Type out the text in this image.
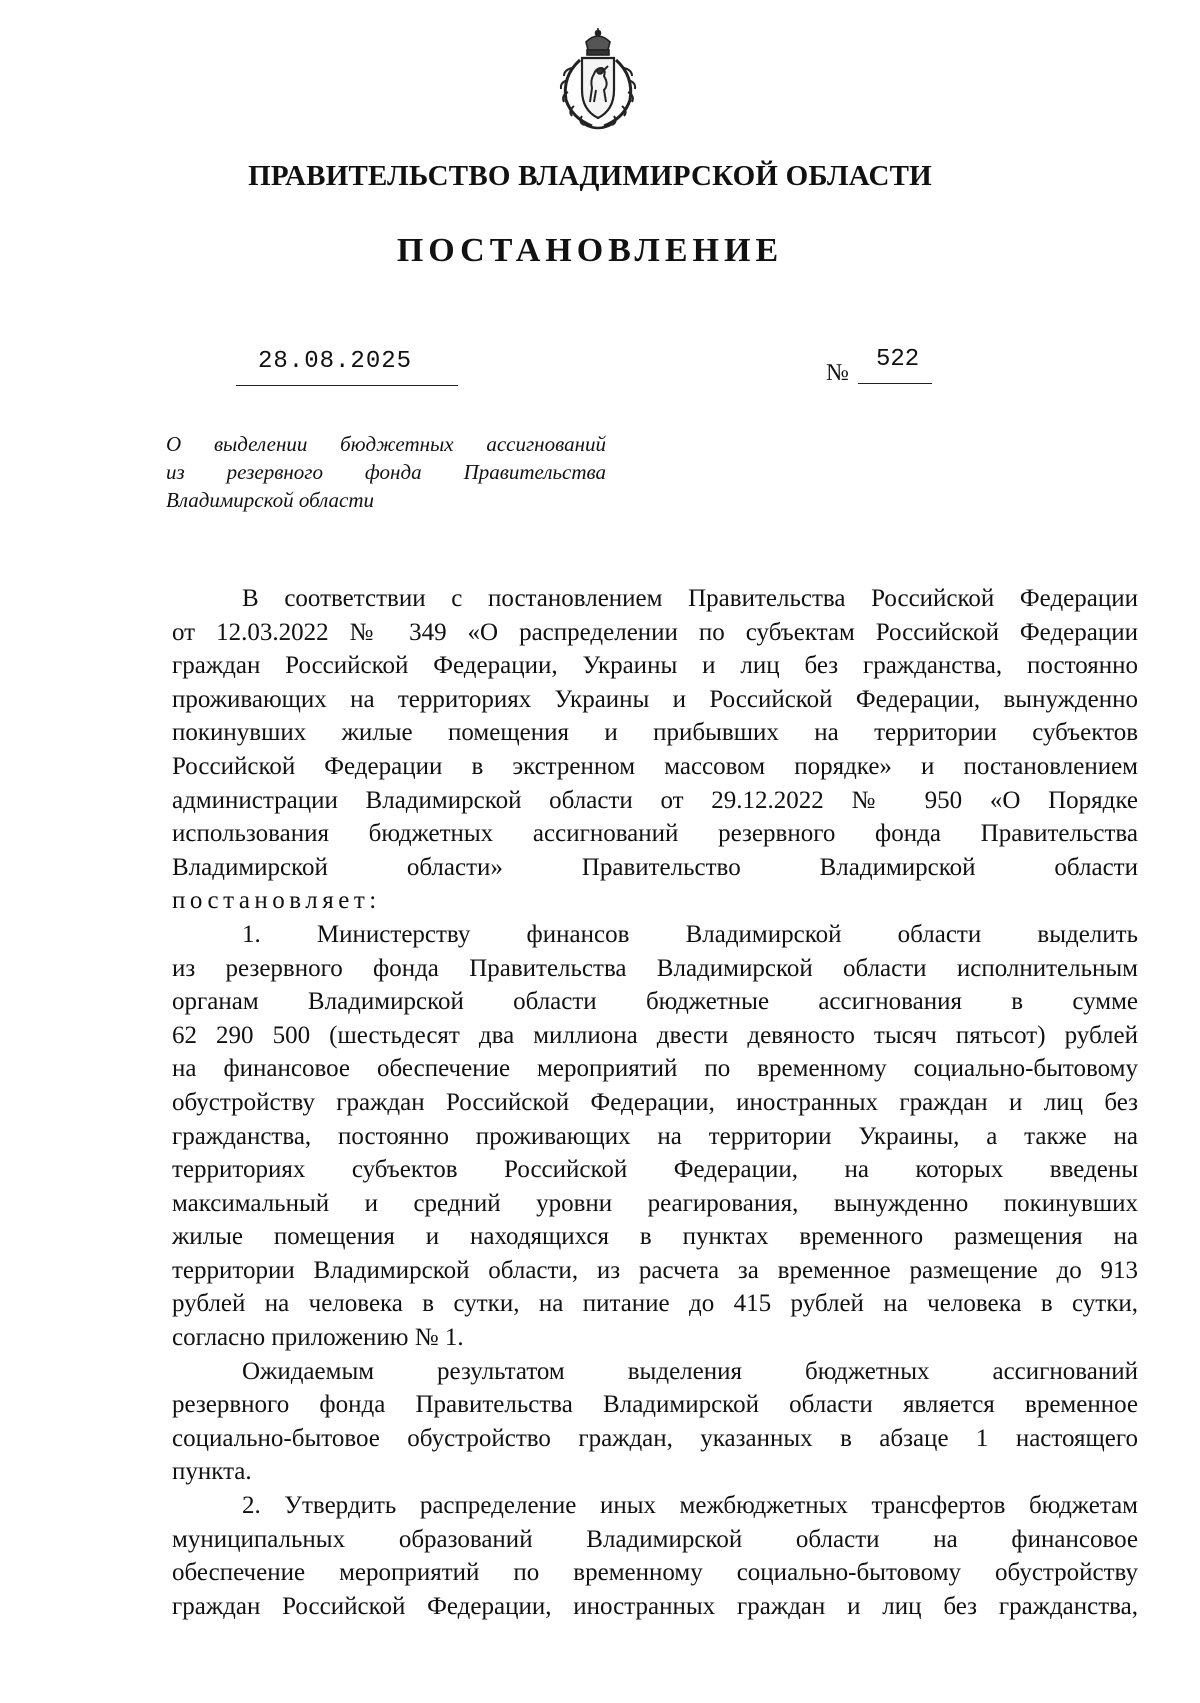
ПРАВИТЕЛЬСТВО ВЛАДИМИРСКОЙ ОБЛАСТИ
ПОСТАНОВЛЕНИЕ
28.08.2025	№ 522
О выделении бюджетных ассигнований
из резервного фонда Правительства
Владимирской области
В соответствии с постановлением Правительства Российской Федерации
от 12.03.2022 № 349 «О распределении по субъектам Российской Федерации
граждан Российской Федерации, Украины и лиц без гражданства, постоянно
проживающих на территориях Украины и Российской Федерации, вынужденно
покинувших жилые помещения и прибывших на территории субъектов
Российской Федерации в экстренном массовом порядке» и постановлением
администрации Владимирской области от 29.12.2022 № 950 «О Порядке
использования бюджетных ассигнований резервного фонда Правительства
Владимирской области» Правительство Владимирской области
постановляет:
1. Министерству финансов Владимирской области выделить
из резервного фонда Правительства Владимирской области исполнительным
органам Владимирской области бюджетные ассигнования в сумме
62 290 500 (шестьдесят два миллиона двести девяносто тысяч пятьсот) рублей
на финансовое обеспечение мероприятий по временному социально-бытовому
обустройству граждан Российской Федерации, иностранных граждан и лиц без
гражданства, постоянно проживающих на территории Украины, а также на
территориях субъектов Российской Федерации, на которых введены
максимальный и средний уровни реагирования, вынужденно покинувших
жилые помещения и находящихся в пунктах временного размещения на
территории Владимирской области, из расчета за временное размещение до 913
рублей на человека в сутки, на питание до 415 рублей на человека в сутки,
согласно приложению № 1.
Ожидаемым результатом выделения бюджетных ассигнований
резервного фонда Правительства Владимирской области является временное
социально-бытовое обустройство граждан, указанных в абзаце 1 настоящего
пункта.
2. Утвердить распределение иных межбюджетных трансфертов бюджетам
муниципальных образований Владимирской области на финансовое
обеспечение мероприятий по временному социально-бытовому обустройству
граждан Российской Федерации, иностранных граждан и лиц без гражданства,
